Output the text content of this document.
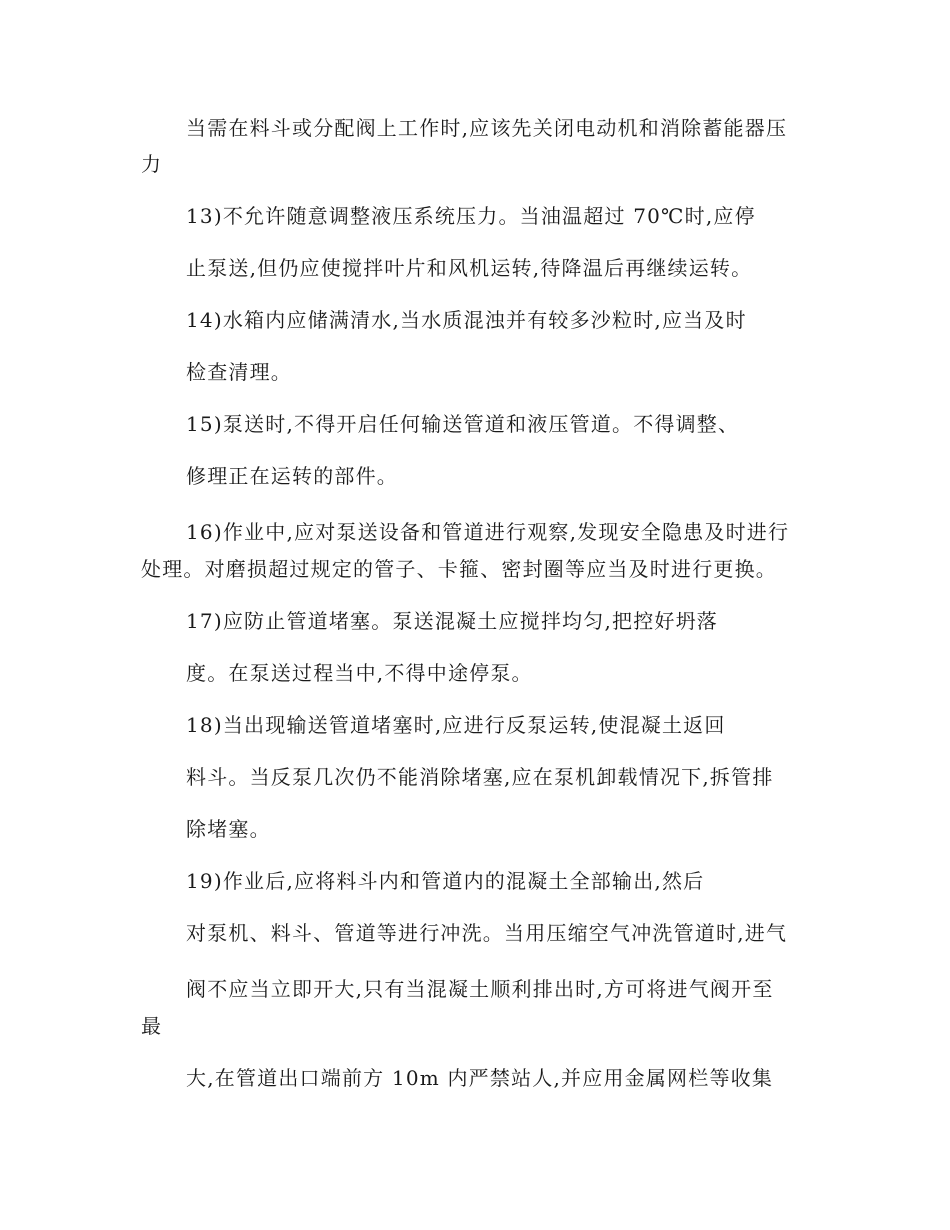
当需在料斗或分配阀上工作时,应该先关闭电动机和消除蓄能器压
力
13)不允许随意调整液压系统压力。当油温超过 70℃时,应停
止泵送,但仍应使搅拌叶片和风机运转,待降温后再继续运转。
14)水箱内应储满清水,当水质混浊并有较多沙粒时,应当及时
检查清理。
15)泵送时,不得开启任何输送管道和液压管道。不得调整、
修理正在运转的部件。
16)作业中,应对泵送设备和管道进行观察,发现安全隐患及时进行
处理。对磨损超过规定的管子、卡箍、密封圈等应当及时进行更换。
17)应防止管道堵塞。泵送混凝土应搅拌均匀,把控好坍落
度。在泵送过程当中,不得中途停泵。
18)当出现输送管道堵塞时,应进行反泵运转,使混凝土返回
料斗。当反泵几次仍不能消除堵塞,应在泵机卸载情况下,拆管排
除堵塞。
19)作业后,应将料斗内和管道内的混凝土全部输出,然后
对泵机、料斗、管道等进行冲洗。当用压缩空气冲洗管道时,进气
阀不应当立即开大,只有当混凝土顺利排出时,方可将进气阀开至
最
大,在管道出口端前方 10m 内严禁站人,并应用金属网栏等收集
